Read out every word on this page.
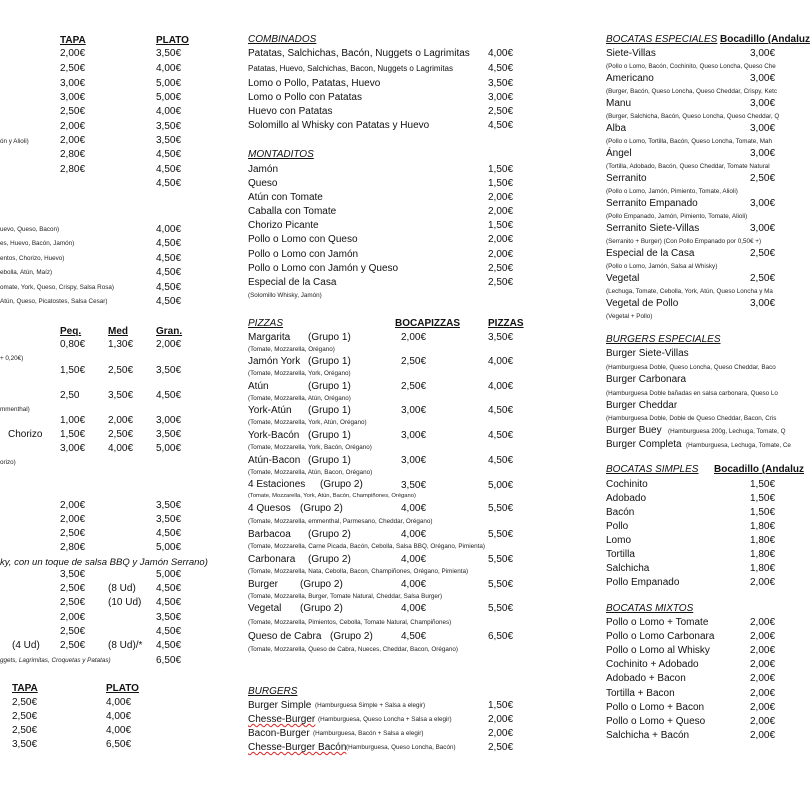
TAPA	PLATO
2,00€	3,50€
2,50€	4,00€
3,00€	5,00€
3,00€	5,00€
2,50€	4,00€
2,00€	3,50€
ón y Alioli)	2,00€	3,50€
2,80€	4,50€
2,80€	4,50€
4,50€
uevo, Queso, Bacon)	4,00€
es, Huevo, Bacón, Jamón)	4,50€
entos, Chorizo, Huevo)	4,50€
ebolla, Atún, Maíz)	4,50€
omate, York, Queso, Crispy, Salsa Rosa)	4,50€
Atún, Queso, Picatostes, Salsa Cesar)	4,50€
Peq.	Med	Gran.
0,80€ 1,30€ 2,00€
+ 0,20€)
1,50€ 2,50€ 3,50€
2,50	3,50€ 4,50€
mmenthal)
1,00€ 2,00€ 3,00€
Chorizo 1,50€ 2,50€ 3,50€
3,00€ 4,00€ 5,00€
orizo)
2,00€	3,50€
2,00€	3,50€
2,50€	4,50€
2,80€	5,00€
ky, con un toque de salsa BBQ y Jamón Serrano)
3,50€	5,00€
2,50€ (8 Ud) 4,50€
2,50€ (10 Ud) 4,50€
2,00€	3,50€
2,50€	4,50€
(4 Ud) 2,50€ (8 Ud)/* 4,50€
ggets, Lagrimitas, Croquetas y Patatas)	6,50€
TAPA	PLATO
2,50€	4,00€
2,50€	4,00€
2,50€	4,00€
3,50€	6,50€
COMBINADOS
Patatas, Salchichas, Bacón, Nuggets o Lagrimitas 4,00€
Patatas, Huevo, Salchichas, Bacon, Nuggets o Lagrimitas	4,50€
Lomo o Pollo, Patatas, Huevo	3,50€
Lomo o Pollo con Patatas	3,00€
Huevo con Patatas	2,50€
Solomillo al Whisky con Patatas y Huevo	4,50€
MONTADITOS
Jamón	1,50€
Queso	1,50€
Atún con Tomate	2,00€
Caballa con Tomate	2,00€
Chorizo Picante	1,50€
Pollo o Lomo con Queso	2,00€
Pollo o Lomo con Jamón	2,00€
Pollo o Lomo con Jamón y Queso	2,50€
Especial de la Casa	2,50€
(Solomillo Whisky, Jamón)
PIZZAS	BOCAPIZZAS	PIZZAS
Margarita (Grupo 1)	2,00€	3,50€
(Tomate, Mozzarella, Orégano)
Jamón York (Grupo 1)	2,50€	4,00€
(Tomate, Mozzarella, York, Orégano)
Atún	(Grupo 1)	2,50€	4,00€
(Tomate, Mozzarella, Atún, Orégano)
York-Atún (Grupo 1)	3,00€	4,50€
(Tomate, Mozzarella, York, Atún, Orégano)
York-Bacón (Grupo 1)	3,00€	4,50€
(Tomate, Mozzarella, York, Bacón, Orégano)
Atún-Bacon (Grupo 1)	3,00€	4,50€
(Tomate, Mozzarella, Atún, Bacon, Orégano)
4 Estaciones (Grupo 2)	3,50€	5,00€
(Tomate, Mozzarella, York, Atún, Bacón, Champiñones, Orégano)
4 Quesos (Grupo 2)	4,00€	5,50€
(Tomate, Mozzarella, emmenthal, Parmesano, Cheddar, Orégano)
Barbacoa (Grupo 2)	4,00€	5,50€
(Tomate, Mozzarella, Carne Picada, Bacón, Cebolla, Salsa BBQ, Orégano, Pimienta)
Carbonara (Grupo 2)	4,00€	5,50€
(Tomate, Mozzarella, Nata, Cebolla, Bacon, Champiñones, Orégano, Pimienta)
Burger (Grupo 2)	4,00€	5,50€
(Tomate, Mozzarella, Burger, Tomate Natural, Cheddar, Salsa Burger)
Vegetal (Grupo 2)	4,00€	5,50€
(Tomate, Mozzarella, Pimientos, Cebolla, Tomate Natural, Champiñones)
Queso de Cabra (Grupo 2)	4,50€	6,50€
(Tomate, Mozzarella, Queso de Cabra, Nueces, Cheddar, Bacon, Orégano)
BURGERS
Burger Simple (Hamburguesa Simple + Salsa a elegir)	1,50€
Chesse-Burger (Hamburguesa, Queso Loncha + Salsa a elegir)	2,00€
Bacon-Burger (Hamburguesa, Bacón + Salsa a elegir)	2,00€
Chesse-Burger Bacón (Hamburguesa, Queso Loncha, Bacón)	2,50€
BOCATAS ESPECIALES Bocadillo (Andaluz
Siete-Villas	3,00€
(Pollo o Lomo, Bacón, Cochinito, Queso Loncha, Queso Che
Americano	3,00€
(Burger, Bacón, Queso Loncha, Queso Cheddar, Crispy, Ketc
Manu	3,00€
(Burger, Salchicha, Bacón, Queso Loncha, Queso Cheddar, Q
Alba	3,00€
(Pollo o Lomo, Tortilla, Bacón, Queso Loncha, Tomate, Mah
Ángel	3,00€
(Tortilla, Adobado, Bacón, Queso Cheddar, Tomate Natural
Serranito	2,50€
(Pollo o Lomo, Jamón, Pimiento, Tomate, Alioli)
Serranito Empanado	3,00€
(Pollo Empanado, Jamón, Pimiento, Tomate, Alioli)
Serranito Siete-Villas	3,00€
(Serranito + Burger) (Con Pollo Empanado por 0,50€ +)
Especial de la Casa	2,50€
(Pollo o Lomo, Jamón, Salsa al Whisky)
Vegetal	2,50€
(Lechuga, Tomate, Cebolla, York, Atún, Queso Loncha y Ma
Vegetal de Pollo	3,00€
(Vegetal + Pollo)
BURGERS ESPECIALES
Burger Siete-Villas
(Hamburguesa Doble, Queso Loncha, Queso Cheddar, Baco
Burger Carbonara
(Hamburguesa Doble bañadas en salsa carbonara, Queso Lo
Burger Cheddar
(Hamburguesa Doble, Doble de Queso Cheddar, Bacon, Cris
Burger Buey (Hamburguesa 200g, Lechuga, Tomate, Q
Burger Completa (Hamburguesa, Lechuga, Tomate, Ce
BOCATAS SIMPLES Bocadillo (Andaluz
Cochinito	1,50€
Adobado	1,50€
Bacón	1,50€
Pollo	1,80€
Lomo	1,80€
Tortilla	1,80€
Salchicha	1,80€
Pollo Empanado	2,00€
BOCATAS MIXTOS
Pollo o Lomo + Tomate	2,00€
Pollo o Lomo Carbonara	2,00€
Pollo o Lomo al Whisky	2,00€
Cochinito + Adobado	2,00€
Adobado + Bacon	2,00€
Tortilla + Bacon	2,00€
Pollo o Lomo + Bacon	2,00€
Pollo o Lomo + Queso	2,00€
Salchicha + Bacón	2,00€
